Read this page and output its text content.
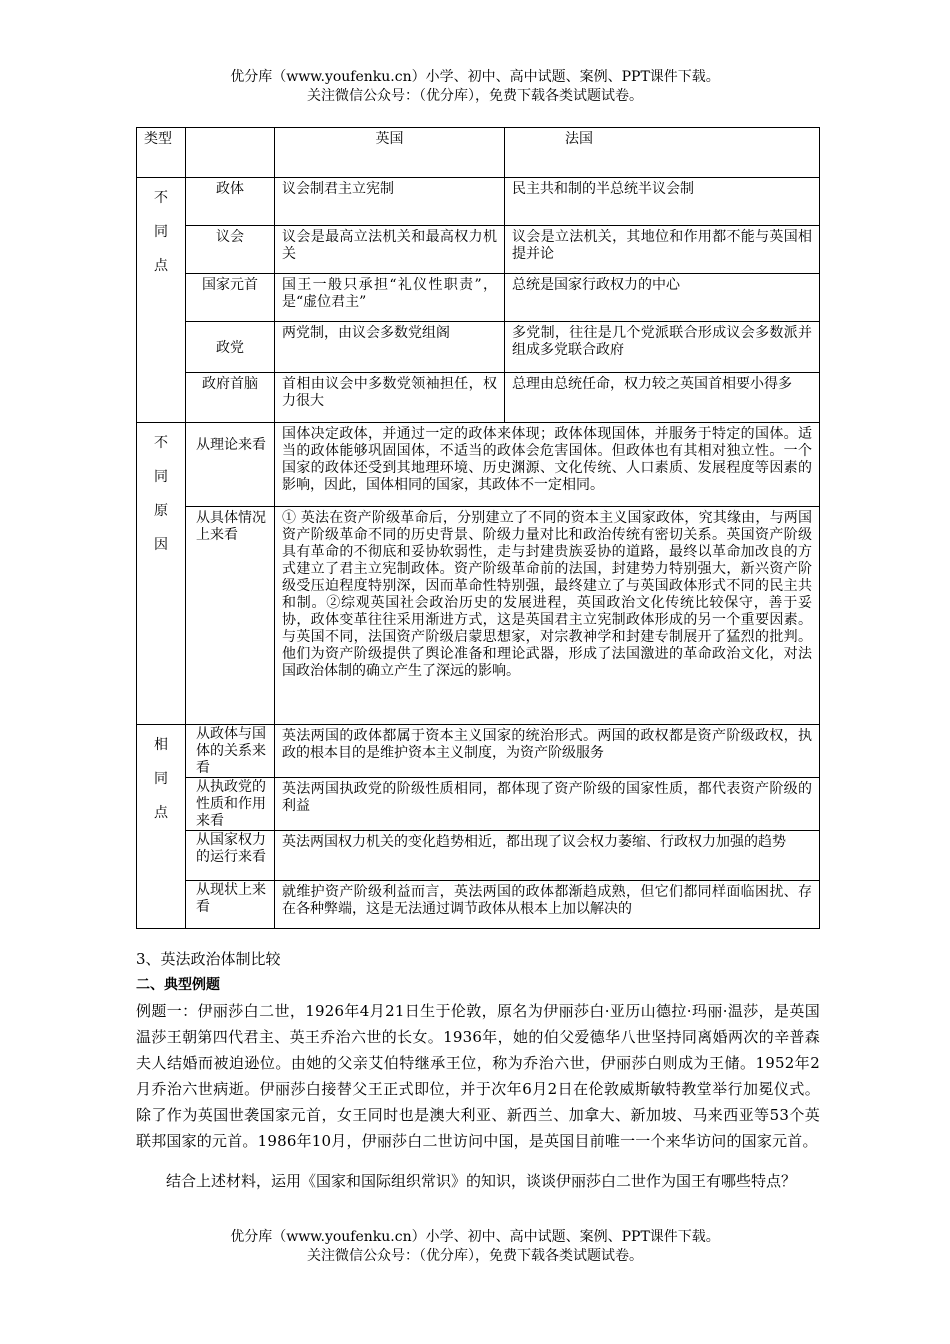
优分库（www.youfenku.cn）小学、初中、高中试题、案例、PPT课件下载。
关注微信公众号：（优分库），免费下载各类试题试卷。
类型		英国	法国
不同点	政体	议会制君主立宪制	民主共和制的半总统半议会制
	议会	议会是最高立法机关和最高权力机关	议会是立法机关，其地位和作用都不能与英国相提并论
	国家元首	国王一般只承担“礼仪性职责”，是“虚位君主”	总统是国家行政权力的中心
	政党	两党制，由议会多数党组阁	多党制，往往是几个党派联合形成议会多数派并组成多党联合政府
	政府首脑	首相由议会中多数党领袖担任，权力很大	总理由总统任命，权力较之英国首相要小得多
不同原因	从理论来看	国体决定政体，并通过一定的政体来体现；政体体现国体，并服务于特定的国体。适当的政体能够巩固国体，不适当的政体会危害国体。但政体也有其相对独立性。一个国家的政体还受到其地理环境、历史渊源、文化传统、人口素质、发展程度等因素的影响，因此，国体相同的国家，其政体不一定相同。	
	从具体情况上来看	① 英法在资产阶级革命后，分别建立了不同的资本主义国家政体，究其缘由，与两国资产阶级革命不同的历史背景、阶级力量对比和政治传统有密切关系。英国资产阶级具有革命的不彻底和妥协软弱性，走与封建贵族妥协的道路，最终以革命加改良的方式建立了君主立宪制政体。资产阶级革命前的法国，封建势力特别强大，新兴资产阶级受压迫程度特别深，因而革命性特别强，最终建立了与英国政体形式不同的民主共和制。②综观英国社会政治历史的发展进程，英国政治文化传统比较保守，善于妥协，政体变革往往采用渐进方式，这是英国君主立宪制政体形成的另一个重要因素。与英国不同，法国资产阶级启蒙思想家，对宗教神学和封建专制展开了猛烈的批判。他们为资产阶级提供了舆论准备和理论武器，形成了法国激进的革命政治文化，对法国政治体制的确立产生了深远的影响。	
相同点	从政体与国体的关系来看	英法两国的政体都属于资本主义国家的统治形式。两国的政权都是资产阶级政权，执政的根本目的是维护资本主义制度，为资产阶级服务	
	从执政党的性质和作用来看	英法两国执政党的阶级性质相同，都体现了资产阶级的国家性质，都代表资产阶级的利益	
	从国家权力的运行来看	英法两国权力机关的变化趋势相近，都出现了议会权力萎缩、行政权力加强的趋势	
	从现状上来看	就维护资产阶级利益而言，英法两国的政体都渐趋成熟，但它们都同样面临困扰、存在各种弊端，这是无法通过调节政体从根本上加以解决的	
3、英法政治体制比较
二、典型例题
例题一：伊丽莎白二世，1926年4月21日生于伦敦，原名为伊丽莎白·亚历山德拉·玛丽·温莎，是英国温莎王朝第四代君主、英王乔治六世的长女。1936年，她的伯父爱德华八世坚持同离婚两次的辛普森夫人结婚而被迫逊位。由她的父亲艾伯特继承王位，称为乔治六世，伊丽莎白则成为王储。1952年2月乔治六世病逝。伊丽莎白接替父王正式即位，并于次年6月2日在伦敦威斯敏特教堂举行加冕仪式。除了作为英国世袭国家元首，女王同时也是澳大利亚、新西兰、加拿大、新加坡、马来西亚等53个英联邦国家的元首。1986年10月，伊丽莎白二世访问中国，是英国目前唯一一个来华访问的国家元首。
结合上述材料，运用《国家和国际组织常识》的知识，谈谈伊丽莎白二世作为国王有哪些特点？
优分库（www.youfenku.cn）小学、初中、高中试题、案例、PPT课件下载。
关注微信公众号：（优分库），免费下载各类试题试卷。
